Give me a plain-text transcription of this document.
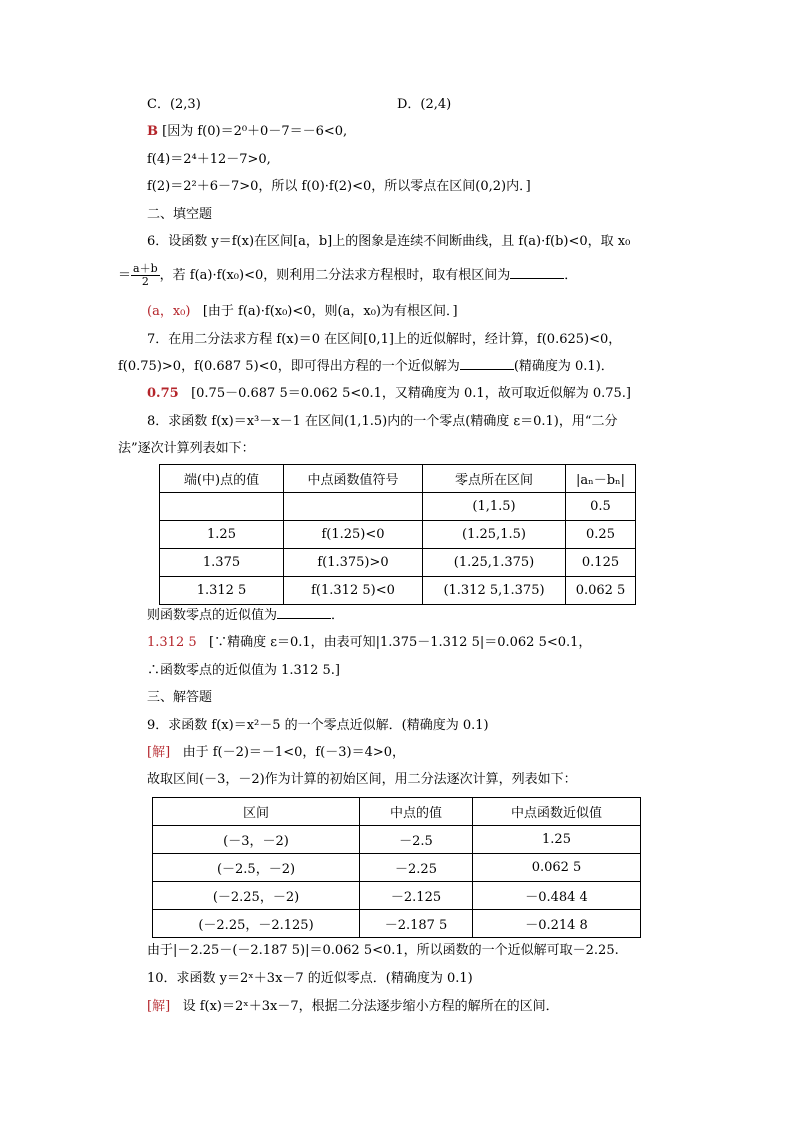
C．(2,3)	D．(2,4)
B [因为 f(0)＝2⁰＋0－7＝－6<0,
f(4)＝2⁴＋12－7>0,
f(2)＝2²＋6－7>0，所以 f(0)·f(2)<0，所以零点在区间(0,2)内．]
二、填空题
6．设函数 y＝f(x)在区间[a，b]上的图象是连续不间断曲线，且 f(a)·f(b)<0，取 x₀
＝ $\frac{a+b}{2}$ ，若 f(a)·f(x₀)<0，则利用二分法求方程根时，取有根区间为	．
(a，x₀) [由于 f(a)·f(x₀)<0，则(a，x₀)为有根区间．]
7．在用二分法求方程 f(x)＝0 在区间[0,1]上的近似解时，经计算，f(0.625)<0，
f(0.75)>0，f(0.687 5)<0，即可得出方程的一个近似解为	(精确度为 0.1)．
0.75 [0.75－0.687 5＝0.062 5<0.1，又精确度为 0.1，故可取近似解为 0.75.]
8．求函数 f(x)＝x³－x－1 在区间(1,1.5)内的一个零点(精确度 ε＝0.1)，用“二分
法”逐次计算列表如下：
端(中)点的值	中点函数值符号	零点所在区间	|aₙ－bₙ|
		(1,1.5)	0.5
1.25	f(1.25)<0	(1.25,1.5)	0.25
1.375	f(1.375)>0	(1.25,1.375)	0.125
1.312 5	f(1.312 5)<0	(1.312 5,1.375)	0.062 5
则函数零点的近似值为	．
1.312 5 [∵精确度 ε＝0.1，由表可知|1.375－1.312 5|＝0.062 5<0.1，
∴函数零点的近似值为 1.312 5.]
三、解答题
9．求函数 f(x)＝x²－5 的一个零点近似解．(精确度为 0.1)
[解] 由于 f(－2)＝－1<0，f(－3)＝4>0，
故取区间(－3，－2)作为计算的初始区间，用二分法逐次计算，列表如下：
区间	中点的值	中点函数近似值
(－3，－2)	－2.5	1.25
(－2.5，－2)	－2.25	0.062 5
(－2.25，－2)	－2.125	－0.484 4
(－2.25，－2.125)	－2.187 5	－0.214 8
由于|－2.25－(－2.187 5)|＝0.062 5<0.1，所以函数的一个近似解可取－2.25.
10．求函数 y＝2ˣ＋3x－7 的近似零点．(精确度为 0.1)
[解] 设 f(x)＝2ˣ＋3x－7，根据二分法逐步缩小方程的解所在的区间．
